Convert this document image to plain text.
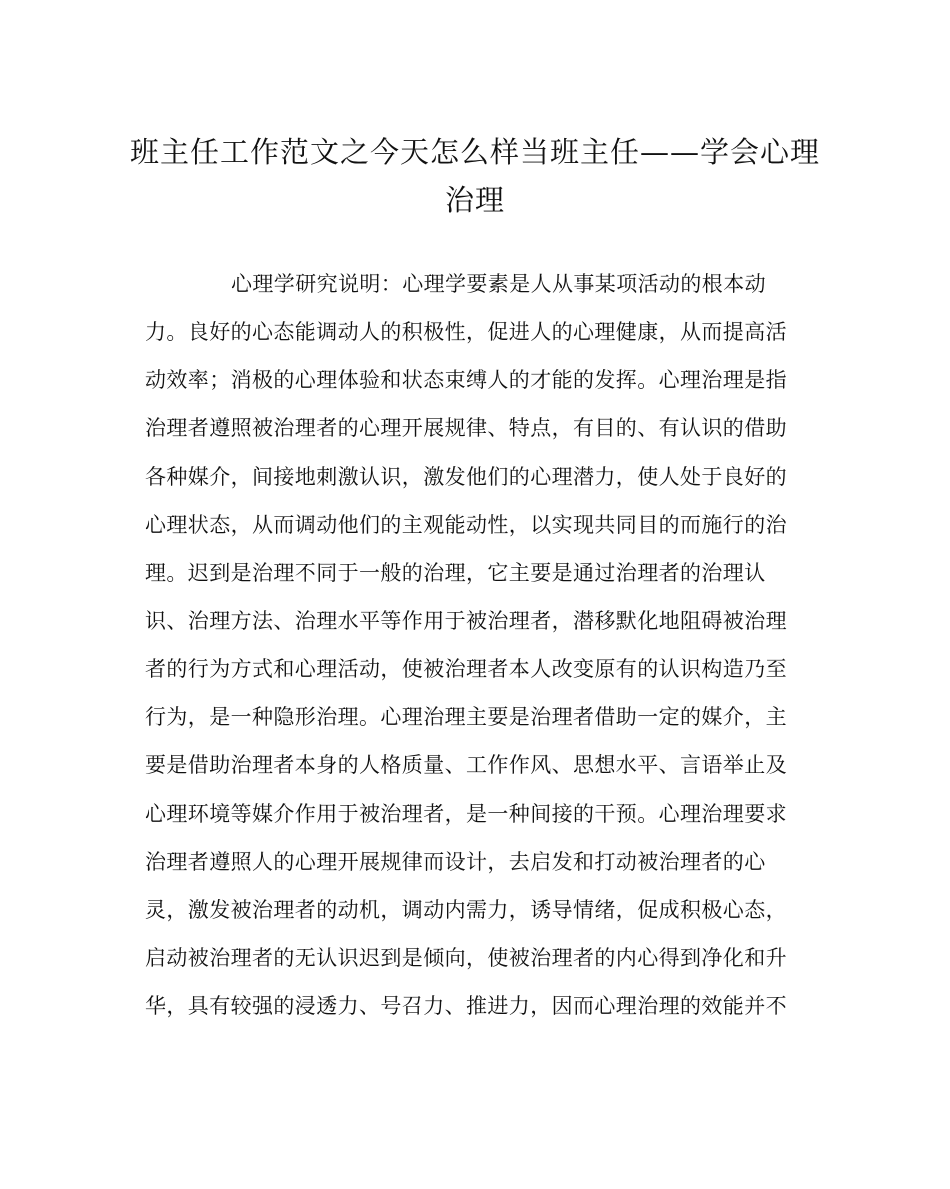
班主任工作范文之今天怎么样当班主任——学会心理
治理
心理学研究说明：心理学要素是人从事某项活动的根本动
力。良好的心态能调动人的积极性，促进人的心理健康，从而提高活
动效率；消极的心理体验和状态束缚人的才能的发挥。心理治理是指
治理者遵照被治理者的心理开展规律、特点，有目的、有认识的借助
各种媒介，间接地刺激认识，激发他们的心理潜力，使人处于良好的
心理状态，从而调动他们的主观能动性，以实现共同目的而施行的治
理。迟到是治理不同于一般的治理，它主要是通过治理者的治理认
识、治理方法、治理水平等作用于被治理者，潜移默化地阻碍被治理
者的行为方式和心理活动，使被治理者本人改变原有的认识构造乃至
行为，是一种隐形治理。心理治理主要是治理者借助一定的媒介，主
要是借助治理者本身的人格质量、工作作风、思想水平、言语举止及
心理环境等媒介作用于被治理者，是一种间接的干预。心理治理要求
治理者遵照人的心理开展规律而设计，去启发和打动被治理者的心
灵，激发被治理者的动机，调动内需力，诱导情绪，促成积极心态，
启动被治理者的无认识迟到是倾向，使被治理者的内心得到净化和升
华，具有较强的浸透力、号召力、推进力，因而心理治理的效能并不
